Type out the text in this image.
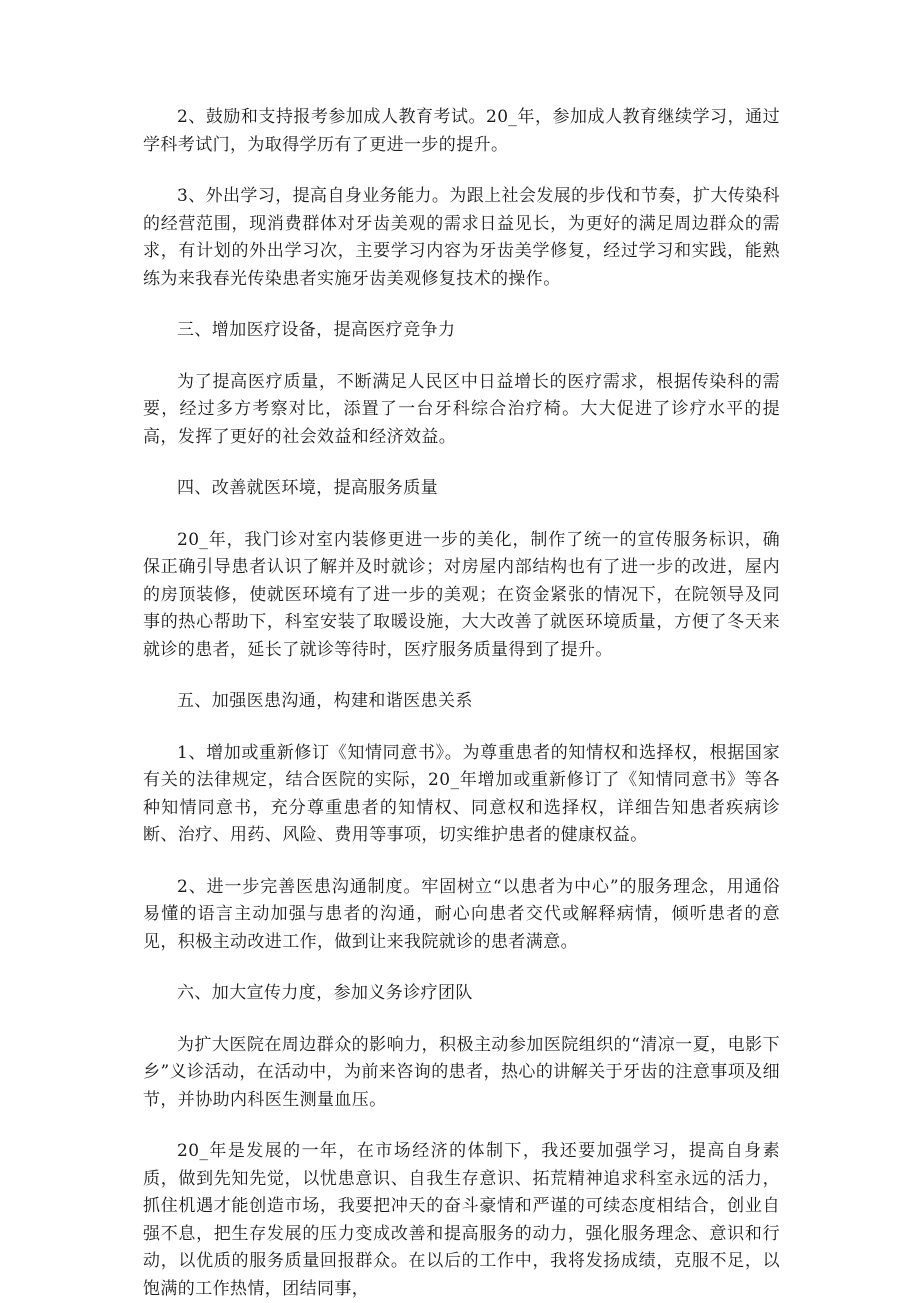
2、鼓励和支持报考参加成人教育考试。20_年，参加成人教育继续学习，通过学科考试门，为取得学历有了更进一步的提升。

3、外出学习，提高自身业务能力。为跟上社会发展的步伐和节奏，扩大传染科的经营范围，现消费群体对牙齿美观的需求日益见长，为更好的满足周边群众的需求，有计划的外出学习次，主要学习内容为牙齿美学修复，经过学习和实践，能熟练为来我春光传染患者实施牙齿美观修复技术的操作。

三、增加医疗设备，提高医疗竞争力

为了提高医疗质量，不断满足人民区中日益增长的医疗需求，根据传染科的需要，经过多方考察对比，添置了一台牙科综合治疗椅。大大促进了诊疗水平的提高，发挥了更好的社会效益和经济效益。

四、改善就医环境，提高服务质量

20_年，我门诊对室内装修更进一步的美化，制作了统一的宣传服务标识，确保正确引导患者认识了解并及时就诊；对房屋内部结构也有了进一步的改进，屋内的房顶装修，使就医环境有了进一步的美观；在资金紧张的情况下，在院领导及同事的热心帮助下，科室安装了取暖设施，大大改善了就医环境质量，方便了冬天来就诊的患者，延长了就诊等待时，医疗服务质量得到了提升。

五、加强医患沟通，构建和谐医患关系

1、增加或重新修订《知情同意书》。为尊重患者的知情权和选择权，根据国家有关的法律规定，结合医院的实际，20_年增加或重新修订了《知情同意书》等各种知情同意书，充分尊重患者的知情权、同意权和选择权，详细告知患者疾病诊断、治疗、用药、风险、费用等事项，切实维护患者的健康权益。

2、进一步完善医患沟通制度。牢固树立“以患者为中心”的服务理念，用通俗易懂的语言主动加强与患者的沟通，耐心向患者交代或解释病情，倾听患者的意见，积极主动改进工作，做到让来我院就诊的患者满意。

六、加大宣传力度，参加义务诊疗团队

为扩大医院在周边群众的影响力，积极主动参加医院组织的“清凉一夏，电影下乡”义诊活动，在活动中，为前来咨询的患者，热心的讲解关于牙齿的注意事项及细节，并协助内科医生测量血压。

20_年是发展的一年，在市场经济的体制下，我还要加强学习，提高自身素质，做到先知先觉，以忧患意识、自我生存意识、拓荒精神追求科室永远的活力，抓住机遇才能创造市场，我要把冲天的奋斗豪情和严谨的可续态度相结合，创业自强不息，把生存发展的压力变成改善和提高服务的动力，强化服务理念、意识和行动，以优质的服务质量回报群众。在以后的工作中，我将发扬成绩，克服不足，以饱满的工作热情，团结同事，
